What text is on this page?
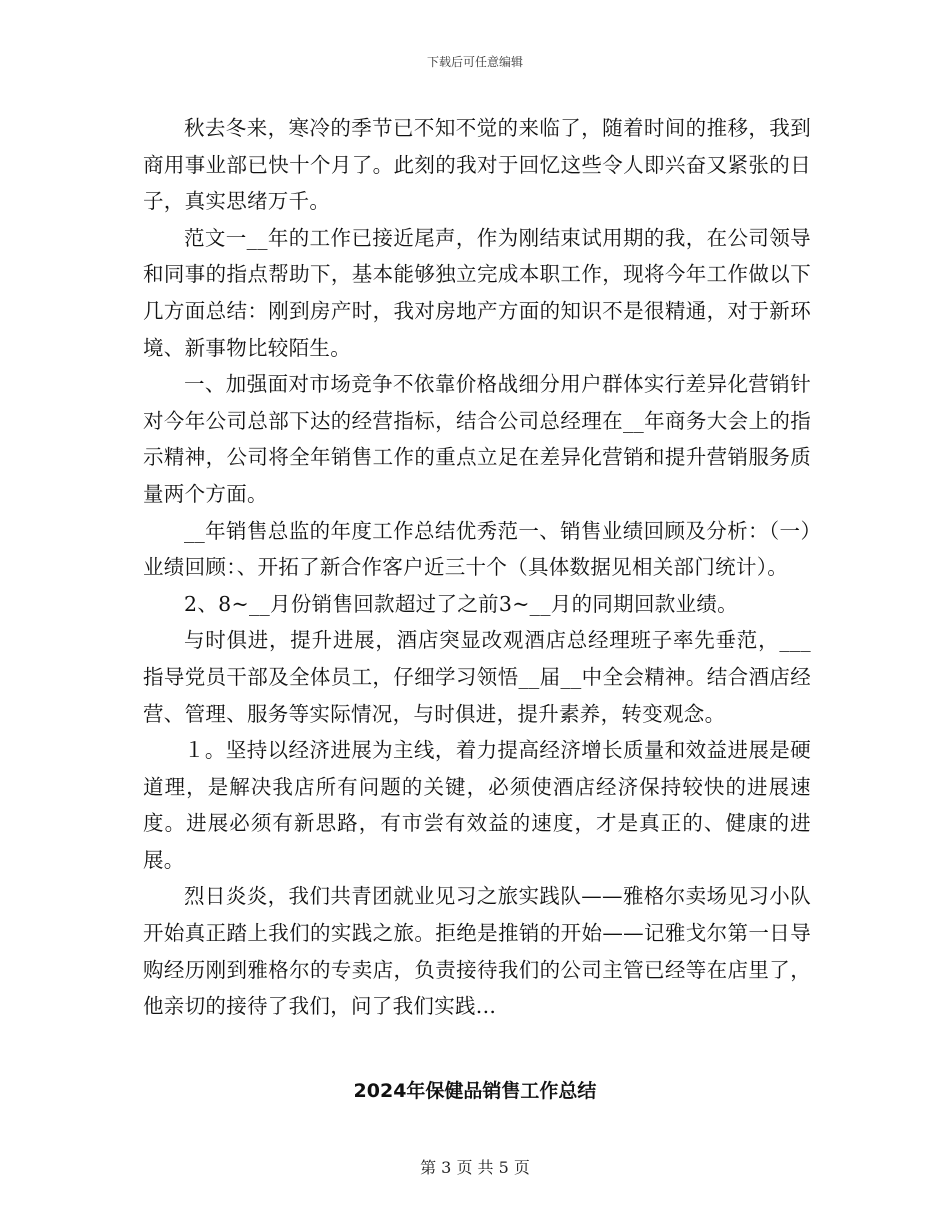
下载后可任意编辑

秋去冬来，寒冷的季节已不知不觉的来临了，随着时间的推移，我到商用事业部已快十个月了。此刻的我对于回忆这些令人即兴奋又紧张的日子，真实思绪万千。

范文一__年的工作已接近尾声，作为刚结束试用期的我，在公司领导和同事的指点帮助下，基本能够独立完成本职工作，现将今年工作做以下几方面总结：刚到房产时，我对房地产方面的知识不是很精通，对于新环境、新事物比较陌生。

一、加强面对市场竞争不依靠价格战细分用户群体实行差异化营销针对今年公司总部下达的经营指标，结合公司总经理在__年商务大会上的指示精神，公司将全年销售工作的重点立足在差异化营销和提升营销服务质量两个方面。

__年销售总监的年度工作总结优秀范一、销售业绩回顾及分析：（一）业绩回顾：、开拓了新合作客户近三十个（具体数据见相关部门统计）。

2、8~__月份销售回款超过了之前3~__月的同期回款业绩。

与时俱进，提升进展，酒店突显改观酒店总经理班子率先垂范，___指导党员干部及全体员工，仔细学习领悟__届__中全会精神。结合酒店经营、管理、服务等实际情况，与时俱进，提升素养，转变观念。

１。坚持以经济进展为主线，着力提高经济增长质量和效益进展是硬道理，是解决我店所有问题的关键，必须使酒店经济保持较快的进展速度。进展必须有新思路，有市尝有效益的速度，才是真正的、健康的进展。

烈日炎炎，我们共青团就业见习之旅实践队——雅格尔卖场见习小队开始真正踏上我们的实践之旅。拒绝是推销的开始——记雅戈尔第一日导购经历刚到雅格尔的专卖店，负责接待我们的公司主管已经等在店里了，他亲切的接待了我们，问了我们实践...

2024年保健品销售工作总结
第 3 页 共 5 页
